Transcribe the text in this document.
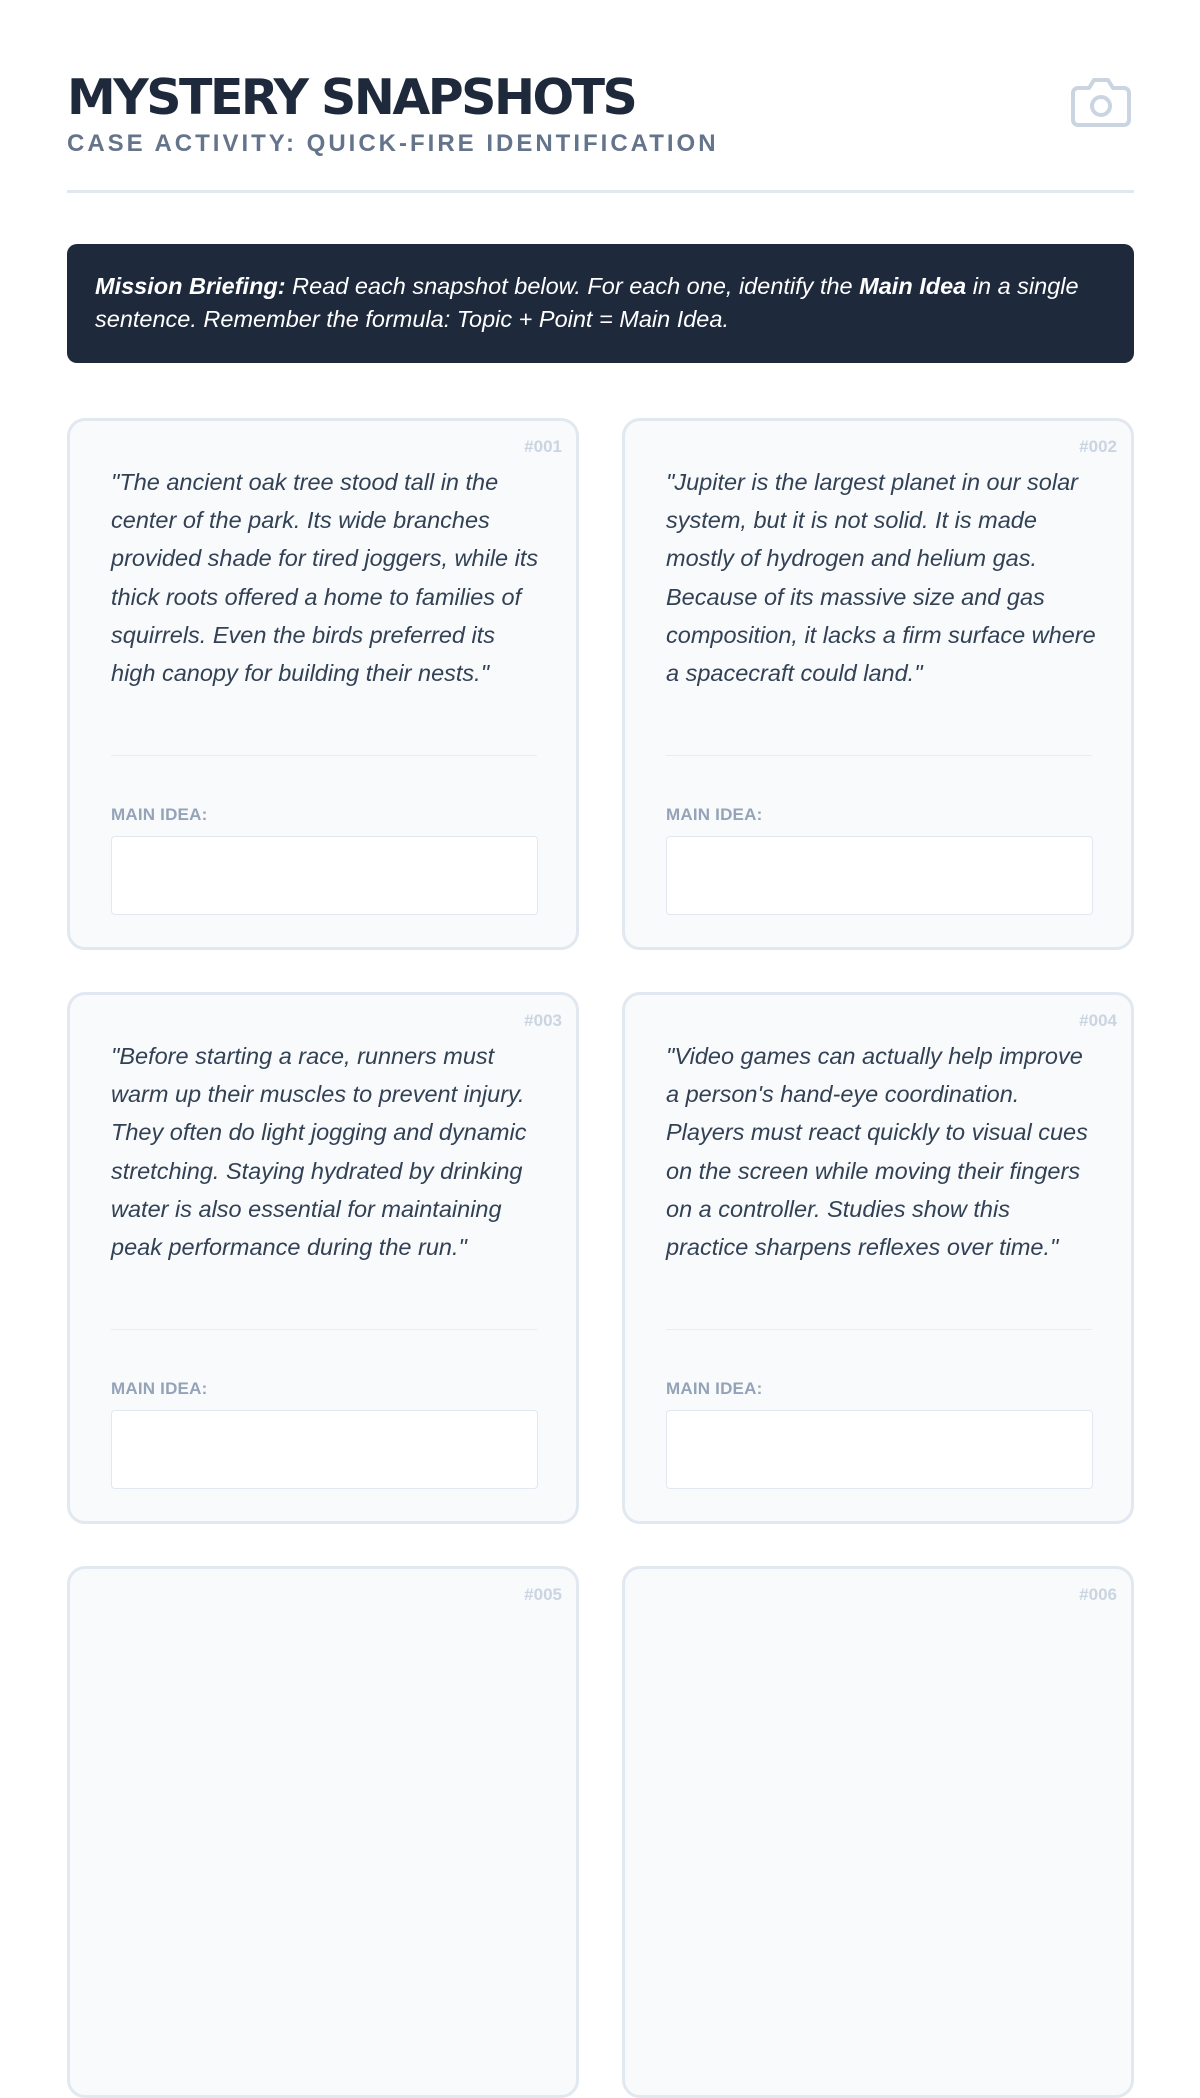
MYSTERY SNAPSHOTS
CASE ACTIVITY: QUICK-FIRE IDENTIFICATION
Mission Briefing: Read each snapshot below. For each one, identify the Main Idea in a single sentence. Remember the formula: Topic + Point = Main Idea.
#001

"The ancient oak tree stood tall in the center of the park. Its wide branches provided shade for tired joggers, while its thick roots offered a home to families of squirrels. Even the birds preferred its high canopy for building their nests."

MAIN IDEA:
#002

"Jupiter is the largest planet in our solar system, but it is not solid. It is made mostly of hydrogen and helium gas. Because of its massive size and gas composition, it lacks a firm surface where a spacecraft could land."

MAIN IDEA:
#003

"Before starting a race, runners must warm up their muscles to prevent injury. They often do light jogging and dynamic stretching. Staying hydrated by drinking water is also essential for maintaining peak performance during the run."

MAIN IDEA:
#004

"Video games can actually help improve a person's hand-eye coordination. Players must react quickly to visual cues on the screen while moving their fingers on a controller. Studies show this practice sharpens reflexes over time."

MAIN IDEA:
#005	#006
